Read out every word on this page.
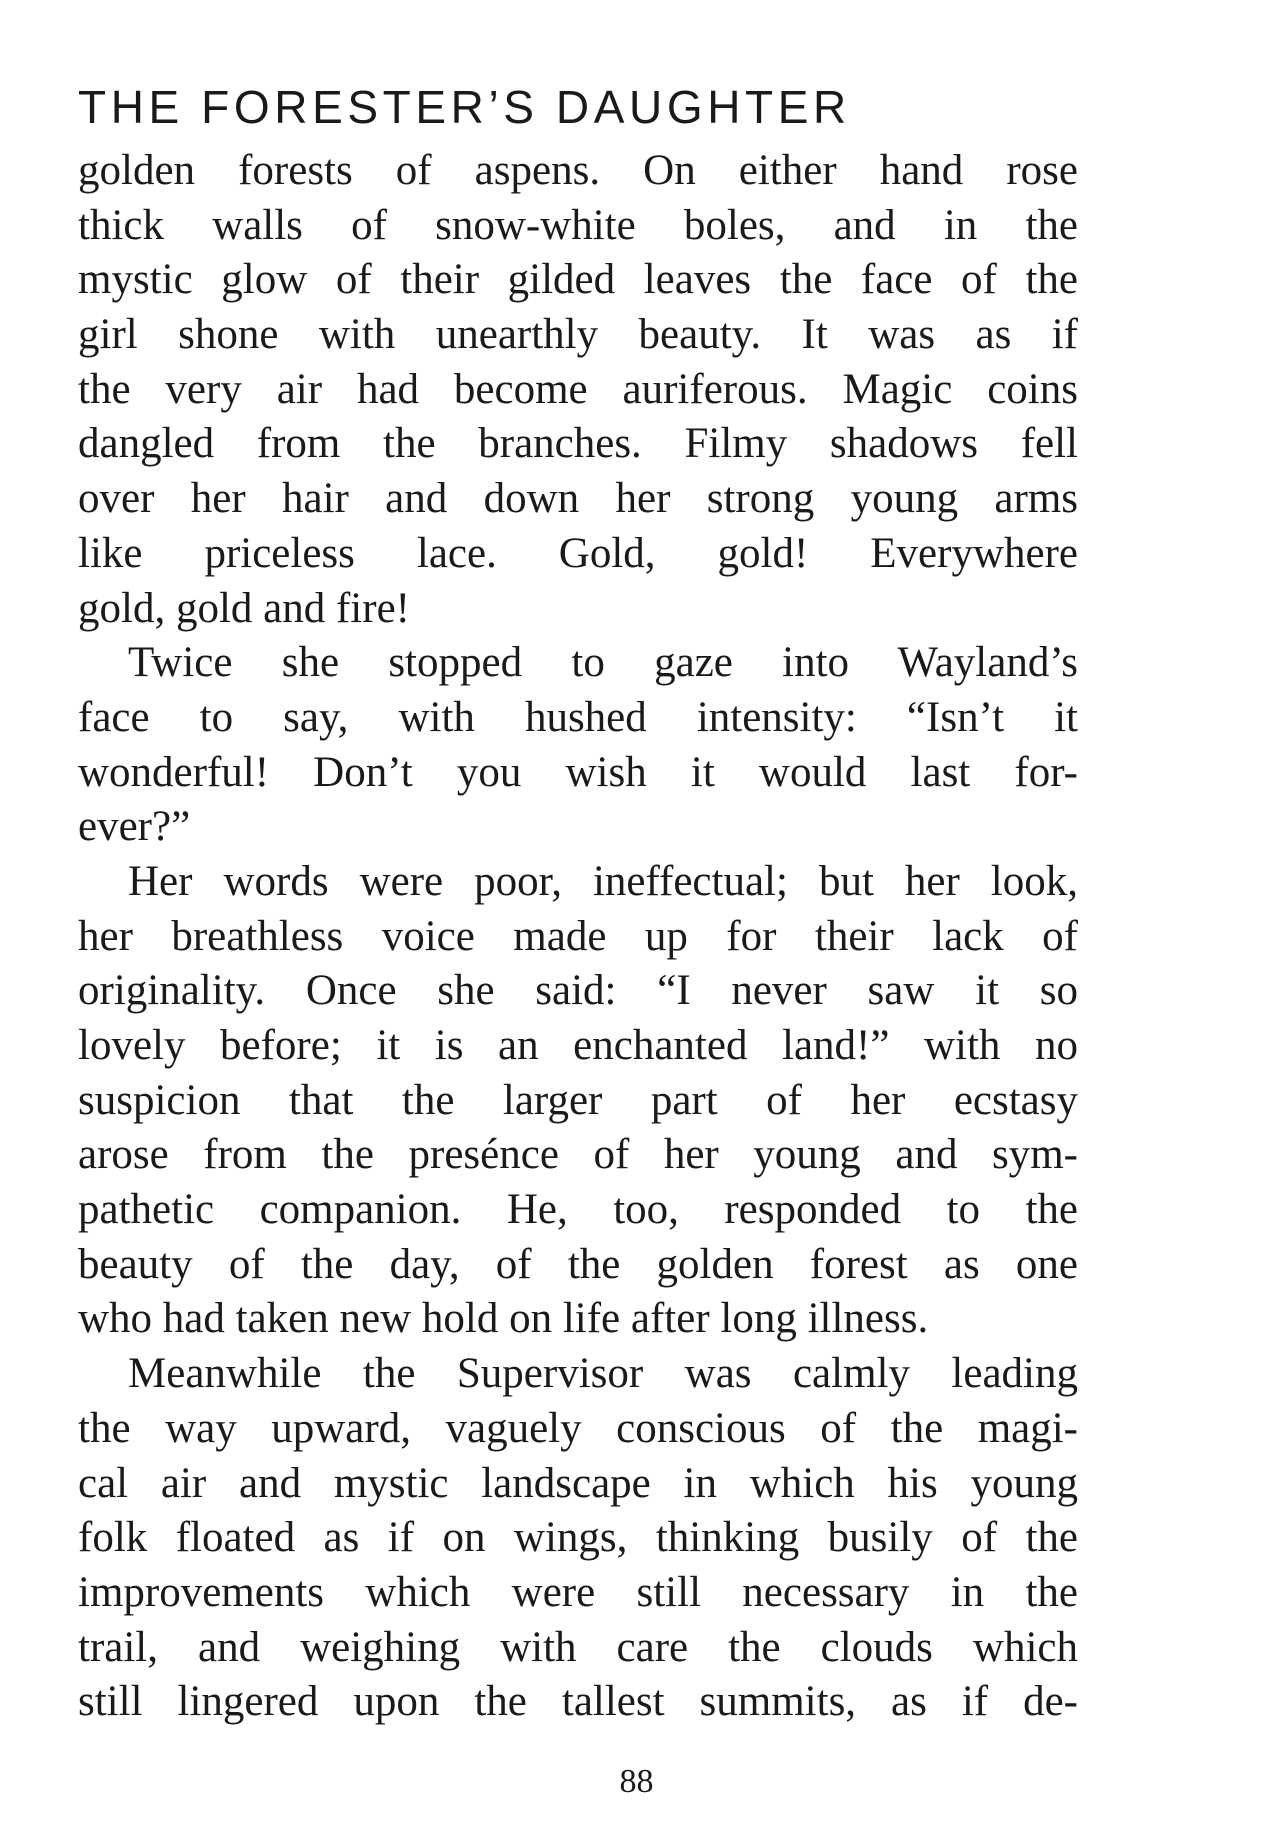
THE FORESTER’S DAUGHTER
golden forests of aspens. On either hand rose
thick walls of snow-white boles, and in the
mystic glow of their gilded leaves the face of the
girl shone with unearthly beauty. It was as if
the very air had become auriferous. Magic coins
dangled from the branches. Filmy shadows fell
over her hair and down her strong young arms
like priceless lace. Gold, gold! Everywhere
gold, gold and fire!
Twice she stopped to gaze into Wayland’s
face to say, with hushed intensity: “Isn’t it
wonderful! Don’t you wish it would last for-
ever?”
Her words were poor, ineffectual; but her look,
her breathless voice made up for their lack of
originality. Once she said: “I never saw it so
lovely before; it is an enchanted land!” with no
suspicion that the larger part of her ecstasy
arose from the presénce of her young and sym-
pathetic companion. He, too, responded to the
beauty of the day, of the golden forest as one
who had taken new hold on life after long illness.
Meanwhile the Supervisor was calmly leading
the way upward, vaguely conscious of the magi-
cal air and mystic landscape in which his young
folk floated as if on wings, thinking busily of the
improvements which were still necessary in the
trail, and weighing with care the clouds which
still lingered upon the tallest summits, as if de-
88
